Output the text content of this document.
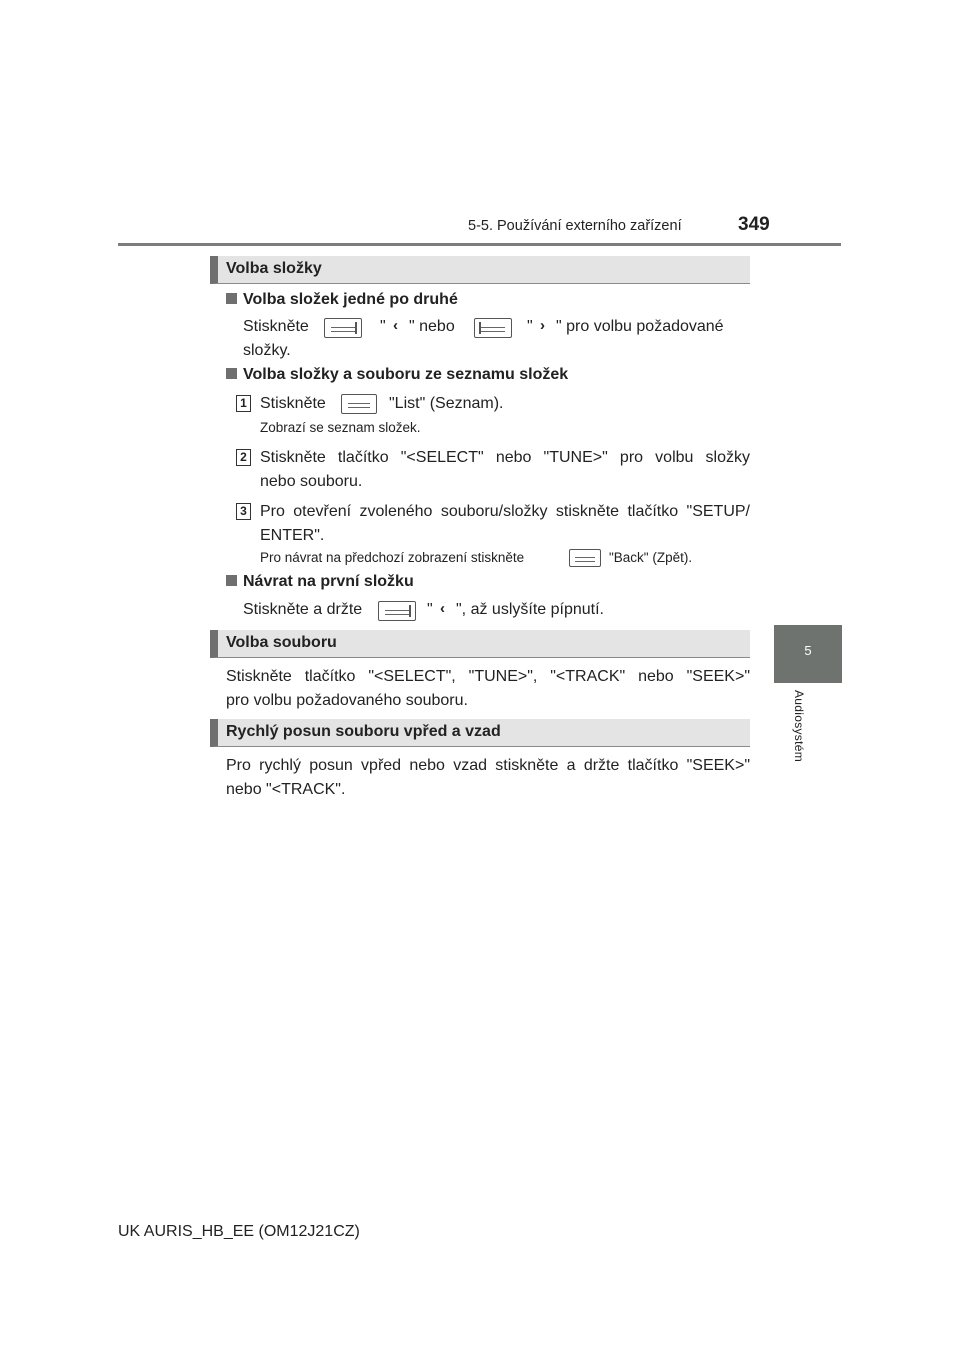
5-5. Používání externího zařízení	349
5
Audiosystém
Volba složky
Volba složek jedné po druhé
Stiskněte	" ‹ " nebo	" › " pro volbu požadované
složky.
Volba složky a souboru ze seznamu složek
1 Stiskněte	"List" (Seznam).
Zobrazí se seznam složek.
2 Stiskněte tlačítko "<SELECT" nebo "TUNE>" pro volbu složky
nebo souboru.
3 Pro otevření zvoleného souboru/složky stiskněte tlačítko "SETUP/
ENTER".
Pro návrat na předchozí zobrazení stiskněte	"Back" (Zpět).
Návrat na první složku
Stiskněte a držte	" ‹ ", až uslyšíte pípnutí.
Volba souboru
Stiskněte tlačítko "<SELECT", "TUNE>", "<TRACK" nebo "SEEK>"
pro volbu požadovaného souboru.
Rychlý posun souboru vpřed a vzad
Pro rychlý posun vpřed nebo vzad stiskněte a držte tlačítko "SEEK>"
nebo "<TRACK".
UK AURIS_HB_EE (OM12J21CZ)
